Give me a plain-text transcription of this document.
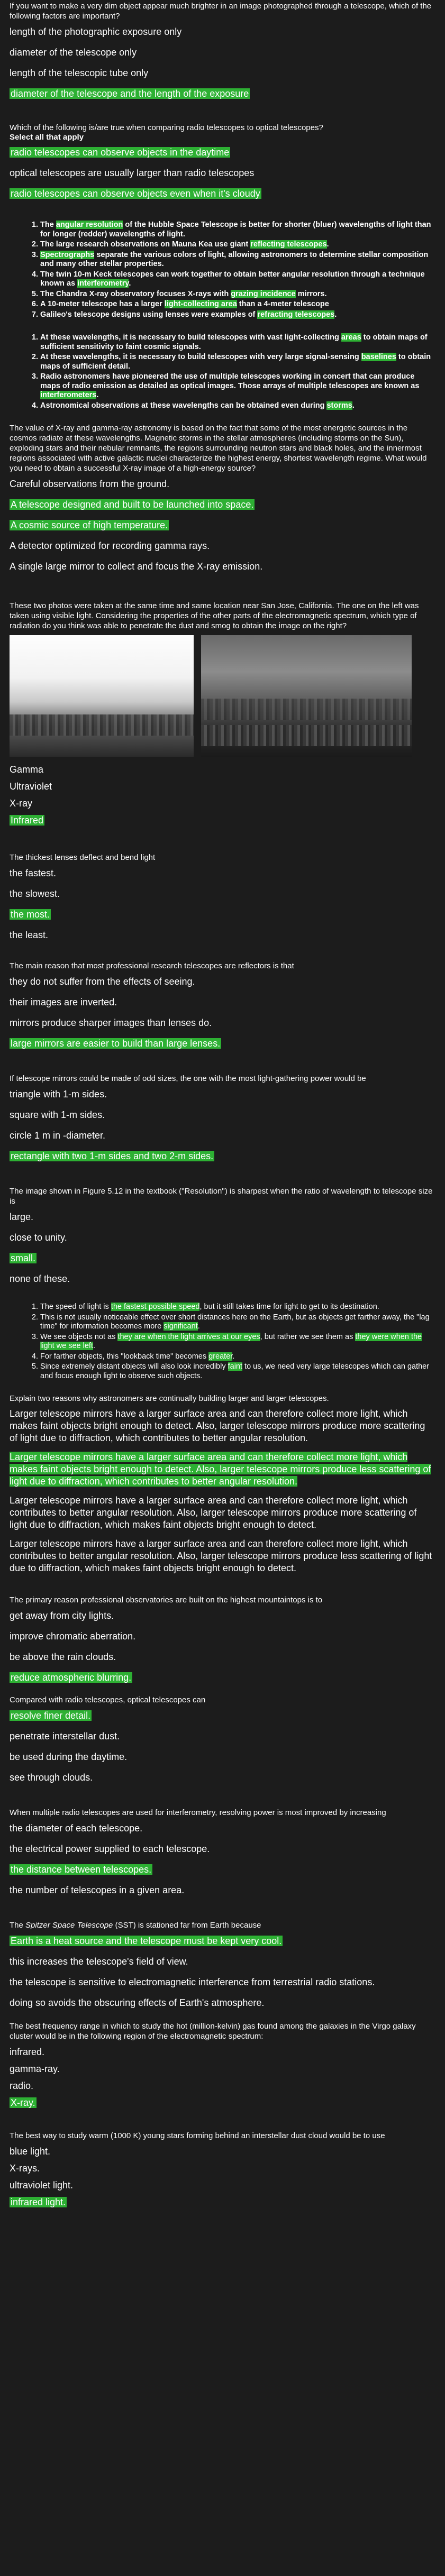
If you want to make a very dim object appear much brighter in an image photographed through a telescope, which of the following factors are important?

length of the photographic exposure only
diameter of the telescope only
length of the telescopic tube only
diameter of the telescope and the length of the exposure

Which of the following is/are true when comparing radio telescopes to optical telescopes?

Select all that apply

radio telescopes can observe objects in the daytime
optical telescopes are usually larger than radio telescopes
radio telescopes can observe objects even when it's cloudy
1. The angular resolution of the Hubble Space Telescope is better for shorter (bluer) wavelengths of light than for longer (redder) wavelengths of light.
2. The large research observations on Mauna Kea use giant reflecting telescopes.
3. Spectrographs separate the various colors of light, allowing astronomers to determine stellar composition and many other stellar properties.
4. The twin 10-m Keck telescopes can work together to obtain better angular resolution through a technique known as interferometry.
5. The Chandra X-ray observatory focuses X-rays with grazing incidence mirrors.
6. A 10-meter telescope has a larger light-collecting area than a 4-meter telescope
7. Galileo's telescope designs using lenses were examples of refracting telescopes.
1. At these wavelengths, it is necessary to build telescopes with vast light-collecting areas to obtain maps of sufficient sensitivity to faint cosmic signals.
2. At these wavelengths, it is necessary to build telescopes with very large signal-sensing baselines to obtain maps of sufficient detail.
3. Radio astronomers have pioneered the use of multiple telescopes working in concert that can produce maps of radio emission as detailed as optical images. Those arrays of multiple telescopes are known as interferometers.
4. Astronomical observations at these wavelengths can be obtained even during storms.

The value of X-ray and gamma-ray astronomy is based on the fact that some of the most energetic sources in the cosmos radiate at these wavelengths. Magnetic storms in the stellar atmospheres (including storms on the Sun), exploding stars and their nebular remnants, the regions surrounding neutron stars and black holes, and the innermost regions associated with active galactic nuclei characterize the highest energy, shortest wavelength regime. What would you need to obtain a successful X-ray image of a high-energy source?

Careful observations from the ground.
A telescope designed and built to be launched into space.
A cosmic source of high temperature.
A detector optimized for recording gamma rays.
A single large mirror to collect and focus the X-ray emission.

These two photos were taken at the same time and same location near San Jose, California. The one on the left was taken using visible light. Considering the properties of the other parts of the electromagnetic spectrum, which type of radiation do you think was able to penetrate the dust and smog to obtain the image on the right?

Gamma
Ultraviolet
X-ray
Infrared

The thickest lenses deflect and bend light

the fastest.
the slowest.
the most.
the least.

The main reason that most professional research telescopes are reflectors is that

they do not suffer from the effects of seeing.
their images are inverted.
mirrors produce sharper images than lenses do.
large mirrors are easier to build than large lenses.

If telescope mirrors could be made of odd sizes, the one with the most light-gathering power would be

triangle with 1-m sides.
square with 1-m sides.
circle 1 m in -diameter.
rectangle with two 1-m sides and two 2-m sides.

The image shown in Figure 5.12 in the textbook ("Resolution") is sharpest when the ratio of wavelength to telescope size is

large.
close to unity.
small.
none of these.
1. The speed of light is the fastest possible speed, but it still takes time for light to get to its destination.
2. This is not usually noticeable effect over short distances here on the Earth, but as objects get farther away, the "lag time" for information becomes more significant.
3. We see objects not as they are when the light arrives at our eyes, but rather we see them as they were when the light we see left.
4. For farther objects, this "lookback time" becomes greater.
5. Since extremely distant objects will also look incredibly faint to us, we need very large telescopes which can gather and focus enough light to observe such objects.

Explain two reasons why astronomers are continually building larger and larger telescopes.

Larger telescope mirrors have a larger surface area and can therefore collect more light, which makes faint objects bright enough to detect. Also, larger telescope mirrors produce more scattering of light due to diffraction, which contributes to better angular resolution.
Larger telescope mirrors have a larger surface area and can therefore collect more light, which makes faint objects bright enough to detect. Also, larger telescope mirrors produce less scattering of light due to diffraction, which contributes to better angular resolution.
Larger telescope mirrors have a larger surface area and can therefore collect more light, which contributes to better angular resolution. Also, larger telescope mirrors produce more scattering of light due to diffraction, which makes faint objects bright enough to detect.
Larger telescope mirrors have a larger surface area and can therefore collect more light, which contributes to better angular resolution. Also, larger telescope mirrors produce less scattering of light due to diffraction, which makes faint objects bright enough to detect.

The primary reason professional observatories are built on the highest mountaintops is to

get away from city lights.
improve chromatic aberration.
be above the rain clouds.
reduce atmospheric blurring.

Compared with radio telescopes, optical telescopes can

resolve finer detail.
penetrate interstellar dust.
be used during the daytime.
see through clouds.

When multiple radio telescopes are used for interferometry, resolving power is most improved by increasing

the diameter of each telescope.
the electrical power supplied to each telescope.
the distance between telescopes.
the number of telescopes in a given area.

The Spitzer Space Telescope (SST) is stationed far from Earth because

Earth is a heat source and the telescope must be kept very cool.
this increases the telescope's field of view.
the telescope is sensitive to electromagnetic interference from terrestrial radio stations.
doing so avoids the obscuring effects of Earth's atmosphere.

The best frequency range in which to study the hot (million-kelvin) gas found among the galaxies in the Virgo galaxy cluster would be in the following region of the electromagnetic spectrum:

infrared.
gamma-ray.
radio.
X-ray.

The best way to study warm (1000 K) young stars forming behind an interstellar dust cloud would be to use

blue light.
X-rays.
ultraviolet light.
infrared light.
